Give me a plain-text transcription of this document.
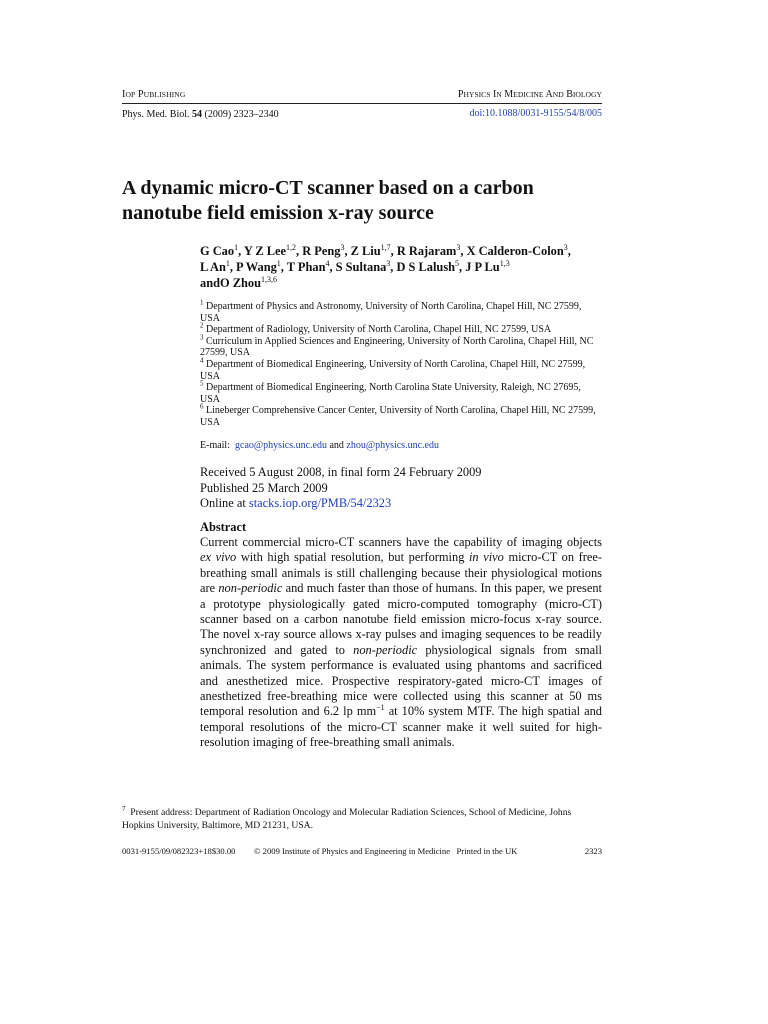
IOP PUBLISHING	PHYSICS IN MEDICINE AND BIOLOGY
Phys. Med. Biol. 54 (2009) 2323–2340	doi:10.1088/0031-9155/54/8/005
A dynamic micro-CT scanner based on a carbon
nanotube field emission x-ray source
G Cao$^1$, Y Z Lee$^{1,2}$, R Peng$^3$, Z Liu$^{1,7}$, R Rajaram$^3$, X Calderon-Colon$^3$,
L An$^1$, P Wang$^1$, T Phan$^4$, S Sultana$^3$, D S Lalush$^5$, J P Lu$^{1,3}$
andO Zhou$^{1,3,6}$
$^1$ Department of Physics and Astronomy, University of North Carolina, Chapel Hill, NC 27599, USA
$^2$ Department of Radiology, University of North Carolina, Chapel Hill, NC 27599, USA
$^3$ Curriculum in Applied Sciences and Engineering, University of North Carolina, Chapel Hill, NC 27599, USA
$^4$ Department of Biomedical Engineering, University of North Carolina, Chapel Hill, NC 27599, USA
$^5$ Department of Biomedical Engineering, North Carolina State University, Raleigh, NC 27695, USA
$^6$ Lineberger Comprehensive Cancer Center, University of North Carolina, Chapel Hill, NC 27599, USA
E-mail: gcao@physics.unc.edu and zhou@physics.unc.edu
Received 5 August 2008, in final form 24 February 2009
Published 25 March 2009
Online at stacks.iop.org/PMB/54/2323
Abstract
Current commercial micro-CT scanners have the capability of imaging objects ex vivo with high spatial resolution, but performing in vivo micro-CT on free-breathing small animals is still challenging because their physiological motions are non-periodic and much faster than those of humans. In this paper, we present a prototype physiologically gated micro-computed tomography (micro-CT) scanner based on a carbon nanotube field emission micro-focus x-ray source. The novel x-ray source allows x-ray pulses and imaging sequences to be readily synchronized and gated to non-periodic physiological signals from small animals. The system performance is evaluated using phantoms and sacrificed and anesthetized mice. Prospective respiratory-gated micro-CT images of anesthetized free-breathing mice were collected using this scanner at 50 ms temporal resolution and 6.2 lp $mm^{-1}$ at 10% system MTF. The high spatial and temporal resolutions of the micro-CT scanner make it well suited for high-resolution imaging of free-breathing small animals.
$^7$ Present address: Department of Radiation Oncology and Molecular Radiation Sciences, School of Medicine, Johns Hopkins University, Baltimore, MD 21231, USA.
0031-9155/09/082323+18$30.00 © 2009 Institute of Physics and Engineering in Medicine Printed in the UK	2323
